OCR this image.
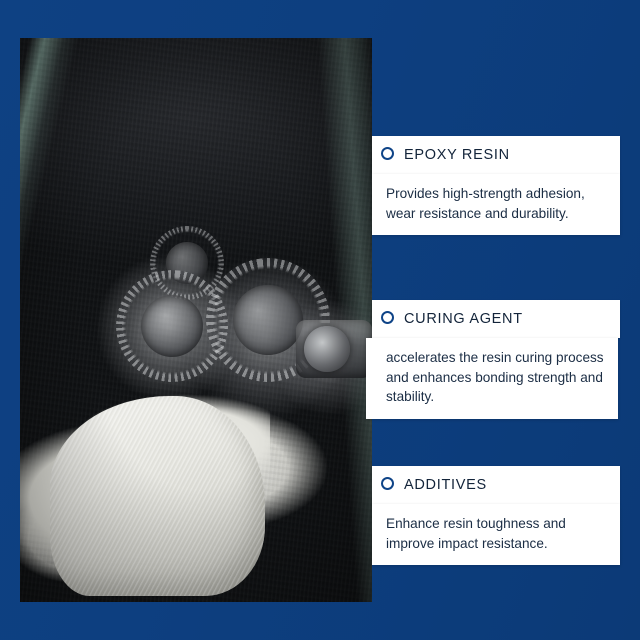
EPOXY RESIN
Provides high-strength adhesion, wear resistance and durability.
CURING AGENT
accelerates the resin curing process and enhances bonding strength and stability.
ADDITIVES
Enhance resin toughness and improve impact resistance.
